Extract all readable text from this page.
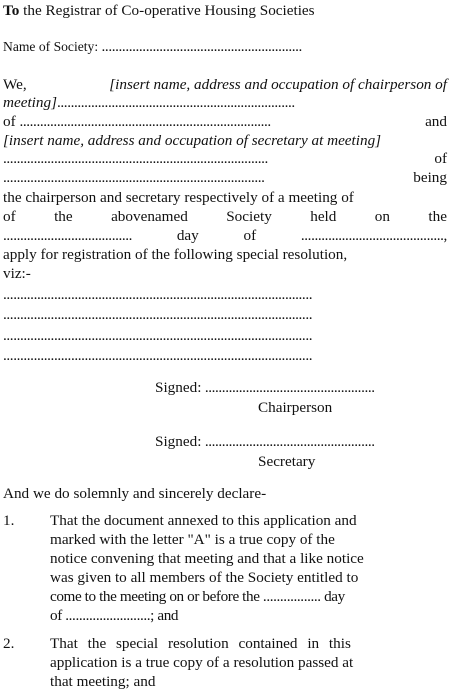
To the Registrar of Co-operative Housing Societies
Name of Society: ...........................................................
We,	[insert name, address and occupation of chairperson of
meeting]......................................................................
of ..........................................................................	and
[insert name, address and occupation of secretary at meeting]
..............................................................................	of
.............................................................................	being
the chairperson and secretary respectively of a meeting of
of	the	abovenamed	Society	held	on	the
......................................	day	of	..........................................,
apply for registration of the following special resolution,
viz:-
...........................................................................................
...........................................................................................
...........................................................................................
...........................................................................................
Signed: ..................................................
Chairperson
Signed: ..................................................
Secretary
And we do solemnly and sincerely declare-
1. That the document annexed to this application and
marked with the letter "A" is a true copy of the
notice convening that meeting and that a like notice
was given to all members of the Society entitled to
come to the meeting on or before the ................. day
of .........................; and
2. That the special resolution contained in this
application is a true copy of a resolution passed at
that meeting; and
